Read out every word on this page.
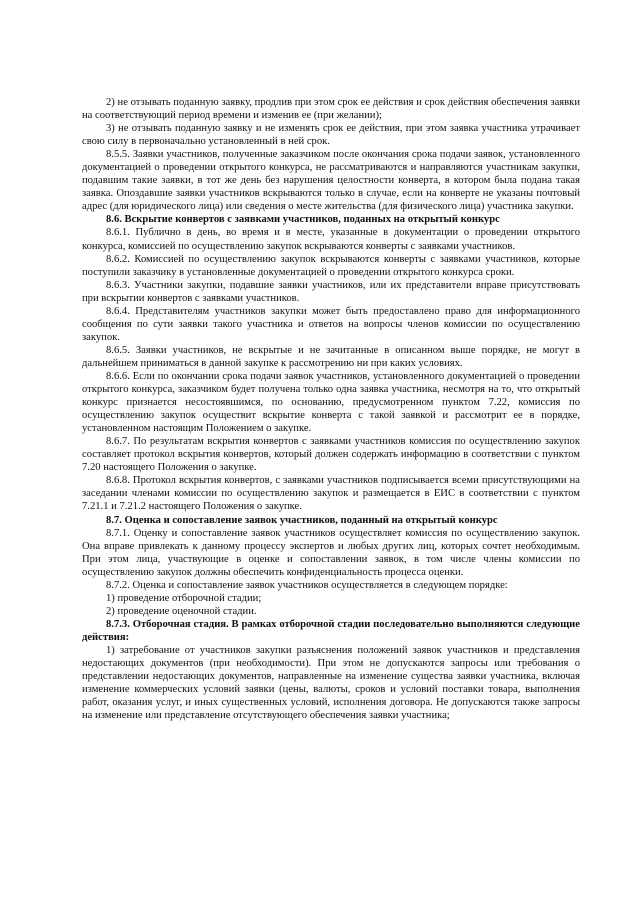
2) не отзывать поданную заявку, продлив при этом срок ее действия и срок действия обеспечения заявки на соответствующий период времени и изменив ее (при желании);

3) не отзывать поданную заявку и не изменять срок ее действия, при этом заявка участника утрачивает свою силу в первоначально установленный в ней срок.

8.5.5. Заявки участников, полученные заказчиком после окончания срока подачи заявок, установленного документацией о проведении открытого конкурса, не рассматриваются и направляются участникам закупки, подавшим такие заявки, в тот же день без нарушения целостности конверта, в котором была подана такая заявка. Опоздавшие заявки участников вскрываются только в случае, если на конверте не указаны почтовый адрес (для юридического лица) или сведения о месте жительства (для физического лица) участника закупки.

8.6. Вскрытие конвертов с заявками участников, поданных на открытый конкурс

8.6.1. Публично в день, во время и в месте, указанные в документации о проведении открытого конкурса, комиссией по осуществлению закупок вскрываются конверты с заявками участников.

8.6.2. Комиссией по осуществлению закупок вскрываются конверты с заявками участников, которые поступили заказчику в установленные документацией о проведении открытого конкурса сроки.

8.6.3. Участники закупки, подавшие заявки участников, или их представители вправе присутствовать при вскрытии конвертов с заявками участников.

8.6.4. Представителям участников закупки может быть предоставлено право для информационного сообщения по сути заявки такого участника и ответов на вопросы членов комиссии по осуществлению закупок.

8.6.5. Заявки участников, не вскрытые и не зачитанные в описанном выше порядке, не могут в дальнейшем приниматься в данной закупке к рассмотрению ни при каких условиях.

8.6.6. Если по окончании срока подачи заявок участников, установленного документацией о проведении открытого конкурса, заказчиком будет получена только одна заявка участника, несмотря на то, что открытый конкурс признается несостоявшимся, по основанию, предусмотренном пунктом 7.22, комиссия по осуществлению закупок осуществит вскрытие конверта с такой заявкой и рассмотрит ее в порядке, установленном настоящим Положением о закупке.

8.6.7. По результатам вскрытия конвертов с заявками участников комиссия по осуществлению закупок составляет протокол вскрытия конвертов, который должен содержать информацию в соответствии с пунктом 7.20 настоящего Положения о закупке.

8.6.8. Протокол вскрытия конвертов, с заявками участников подписывается всеми присутствующими на заседании членами комиссии по осуществлению закупок и размещается в ЕИС в соответствии с пунктом 7.21.1 и 7.21.2 настоящего Положения о закупке.

8.7. Оценка и сопоставление заявок участников, поданный на открытый конкурс

8.7.1. Оценку и сопоставление заявок участников осуществляет комиссия по осуществлению закупок. Она вправе привлекать к данному процессу экспертов и любых других лиц, которых сочтет необходимым. При этом лица, участвующие в оценке и сопоставлении заявок, в том числе члены комиссии по осуществлению закупок должны обеспечить конфиденциальность процесса оценки.

8.7.2. Оценка и сопоставление заявок участников осуществляется в следующем порядке:

1) проведение отборочной стадии;

2) проведение оценочной стадии.

8.7.3. Отборочная стадия. В рамках отборочной стадии последовательно выполняются следующие действия:

1) затребование от участников закупки разъяснения положений заявок участников и представления недостающих документов (при необходимости). При этом не допускаются запросы или требования о представлении недостающих документов, направленные на изменение существа заявки участника, включая изменение коммерческих условий заявки (цены, валюты, сроков и условий поставки товара, выполнения работ, оказания услуг, и иных существенных условий, исполнения договора. Не допускаются также запросы на изменение или представление отсутствующего обеспечения заявки участника;
